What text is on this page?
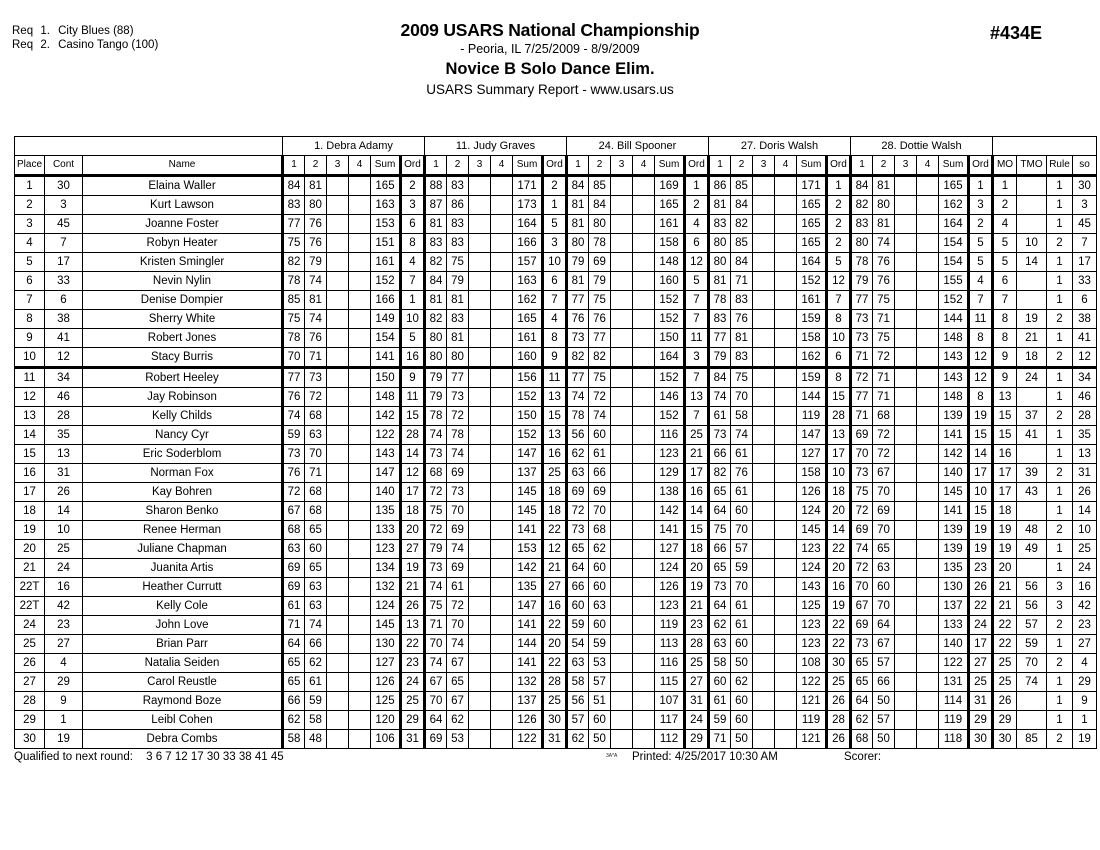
Req 1. City Blues (88)
Req 2. Casino Tango (100)
2009 USARS National Championship
- Peoria, IL 7/25/2009 - 8/9/2009
Novice B Solo Dance Elim.
USARS Summary Report - www.usars.us
#434E
			1. Debra Adamy						11. Judy Graves						24. Bill Spooner						27. Doris Walsh						28. Dottie Walsh									
Place	Cont	Name	1	2	3	4	Sum	Ord	1	2	3	4	Sum	Ord	1	2	3	4	Sum	Ord	1	2	3	4	Sum	Ord	1	2	3	4	Sum	Ord	MO	TMO	Rule	so
1	30	Elaina Waller	84	81			165	2	88	83			171	2	84	85			169	1	86	85			171	1	84	81			165	1	1		1	30
2	3	Kurt Lawson	83	80			163	3	87	86			173	1	81	84			165	2	81	84			165	2	82	80			162	3	2		1	3
3	45	Joanne Foster	77	76			153	6	81	83			164	5	81	80			161	4	83	82			165	2	83	81			164	2	4		1	45
4	7	Robyn Heater	75	76			151	8	83	83			166	3	80	78			158	6	80	85			165	2	80	74			154	5	5	10	2	7
5	17	Kristen Smingler	82	79			161	4	82	75			157	10	79	69			148	12	80	84			164	5	78	76			154	5	5	14	1	17
6	33	Nevin Nylin	78	74			152	7	84	79			163	6	81	79			160	5	81	71			152	12	79	76			155	4	6		1	33
7	6	Denise Dompier	85	81			166	1	81	81			162	7	77	75			152	7	78	83			161	7	77	75			152	7	7		1	6
8	38	Sherry White	75	74			149	10	82	83			165	4	76	76			152	7	83	76			159	8	73	71			144	11	8	19	2	38
9	41	Robert Jones	78	76			154	5	80	81			161	8	73	77			150	11	77	81			158	10	73	75			148	8	8	21	1	41
10	12	Stacy Burris	70	71			141	16	80	80			160	9	82	82			164	3	79	83			162	6	71	72			143	12	9	18	2	12
11	34	Robert Heeley	77	73			150	9	79	77			156	11	77	75			152	7	84	75			159	8	72	71			143	12	9	24	1	34
12	46	Jay Robinson	76	72			148	11	79	73			152	13	74	72			146	13	74	70			144	15	77	71			148	8	13		1	46
13	28	Kelly Childs	74	68			142	15	78	72			150	15	78	74			152	7	61	58			119	28	71	68			139	19	15	37	2	28
14	35	Nancy Cyr	59	63			122	28	74	78			152	13	56	60			116	25	73	74			147	13	69	72			141	15	15	41	1	35
15	13	Eric Soderblom	73	70			143	14	73	74			147	16	62	61			123	21	66	61			127	17	70	72			142	14	16		1	13
16	31	Norman Fox	76	71			147	12	68	69			137	25	63	66			129	17	82	76			158	10	73	67			140	17	17	39	2	31
17	26	Kay Bohren	72	68			140	17	72	73			145	18	69	69			138	16	65	61			126	18	75	70			145	10	17	43	1	26
18	14	Sharon Benko	67	68			135	18	75	70			145	18	72	70			142	14	64	60			124	20	72	69			141	15	18		1	14
19	10	Renee Herman	68	65			133	20	72	69			141	22	73	68			141	15	75	70			145	14	69	70			139	19	19	48	2	10
20	25	Juliane Chapman	63	60			123	27	79	74			153	12	65	62			127	18	66	57			123	22	74	65			139	19	19	49	1	25
21	24	Juanita Artis	69	65			134	19	73	69			142	21	64	60			124	20	65	59			124	20	72	63			135	23	20		1	24
22T	16	Heather Currutt	69	63			132	21	74	61			135	27	66	60			126	19	73	70			143	16	70	60			130	26	21	56	3	16
22T	42	Kelly Cole	61	63			124	26	75	72			147	16	60	63			123	21	64	61			125	19	67	70			137	22	21	56	3	42
24	23	John Love	71	74			145	13	71	70			141	22	59	60			119	23	62	61			123	22	69	64			133	24	22	57	2	23
25	27	Brian Parr	64	66			130	22	70	74			144	20	54	59			113	28	63	60			123	22	73	67			140	17	22	59	1	27
26	4	Natalia Seiden	65	62			127	23	74	67			141	22	63	53			116	25	58	50			108	30	65	57			122	27	25	70	2	4
27	29	Carol Reustle	65	61			126	24	67	65			132	28	58	57			115	27	60	62			122	25	65	66			131	25	25	74	1	29
28	9	Raymond Boze	66	59			125	25	70	67			137	25	56	51			107	31	61	60			121	26	64	50			114	31	26		1	9
29	1	Leibl Cohen	62	58			120	29	64	62			126	30	57	60			117	24	59	60			119	28	62	57			119	29	29		1	1
30	19	Debra Combs	58	48			106	31	69	53			122	31	62	50			112	29	71	50			121	26	68	50			118	30	30	85	2	19
Qualified to next round: 3 6 7 12 17 30 33 38 41 45	3A*A Printed: 4/25/2017 10:30 AM	Scorer:
